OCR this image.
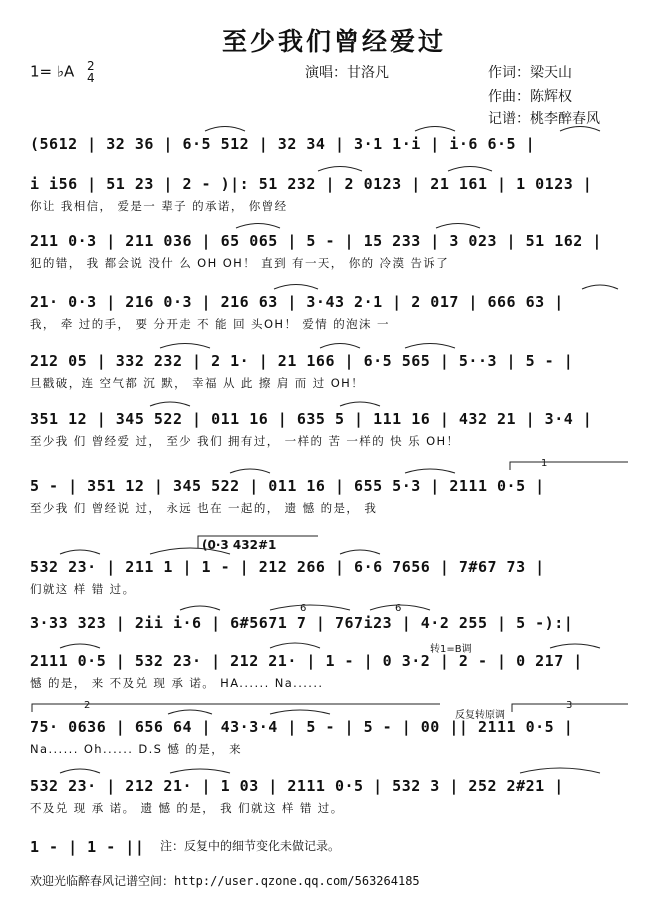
至少我们曾经爱过
1= ♭A 2
4	演唱：甘洛凡	作词：梁天山
作曲：陈辉权
记谱：桃李醉春风
(5612 | 32 36 | 6·5 512 | 32 34 | 3·1 1·i | i·6 6·5 |
i i56 | 51 23 | 2 - )|: 51 232 | 2 0123 | 21 161 | 1 0123 |
你让 我相信， 爱是一 辈子 的承诺， 你曾经
211 0·3 | 211 036 | 65 065 | 5 - | 15 233 | 3 023 | 51 162 |
犯的错， 我 都会说 没什 么 OH OH！ 直到 有一天， 你的 冷漠 告诉了
21· 0·3 | 216 0·3 | 216 63 | 3·43 2·1 | 2 017 | 666 63 |
我， 牵 过的手， 要 分开走 不 能 回 头OH！ 爱情 的泡沫 一
212 05 | 332 232 | 2 1· | 21 166 | 6·5 565 | 5··3 | 5 - |
旦戳破，连 空气都 沉 默， 幸福 从 此 擦 肩 而 过 OH！
351 12 | 345 522 | 011 16 | 635 5 | 111 16 | 432 21 | 3·4 |
至少我 们 曾经爱 过， 至少 我们 拥有过， 一样的 苦 一样的 快 乐 OH！
5 - | 351 12 | 345 522 | 011 16 | 655 5·3 | 2111 0·5 |
至少我 们 曾经说 过， 永远 也在 一起的， 遗 憾 的是， 我
532 23· | 211 1 | 1 - | 212 266 | 6·6 7656 | 7#67 73 |
们就这 样 错 过。
3·33 323 | 2ii i·6 | 6#5671 7 | 767i23 | 4·2 255 | 5 -):|
2111 0·5 | 532 23· | 212 21· | 1 - | 0 3·2 | 2 - | 0 217 |
憾 的是， 来 不及兑 现 承 诺。 HA...... Na......
75· 0636 | 656 64 | 43·3·4 | 5 - | 5 - | 00 || 2111 0·5 |
Na...... Oh...... D.S 憾 的是， 来
532 23· | 212 21· | 1 03 | 2111 0·5 | 532 3 | 252 2#21 |
不及兑 现 承 诺。 遗 憾 的是， 我 们就这 样 错 过。
1 - | 1 - ||
(0·3 432#1
6	6
1
2	3
转1=B调
反复转原调
注：反复中的细节变化未做记录。
欢迎光临醉春风记谱空间：http://user.qzone.qq.com/563264185
